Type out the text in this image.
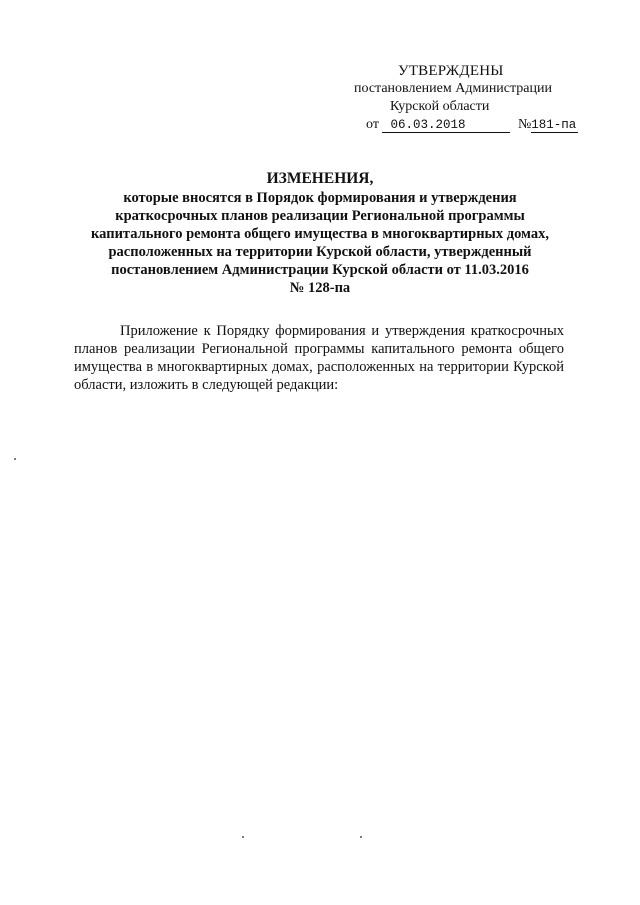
УТВЕРЖДЕНЫ
постановлением Администрации
Курской области
от 06.03.2018	№181-па
ИЗМЕНЕНИЯ,
которые вносятся в Порядок формирования и утверждения
краткосрочных планов реализации Региональной программы
капитального ремонта общего имущества в многоквартирных домах,
расположенных на территории Курской области, утвержденный
постановлением Администрации Курской области от 11.03.2016
№ 128-па
Приложение к Порядку формирования и утверждения краткосрочных планов реализации Региональной программы капитального ремонта общего имущества в многоквартирных домах, расположенных на территории Курской области, изложить в следующей редакции:
